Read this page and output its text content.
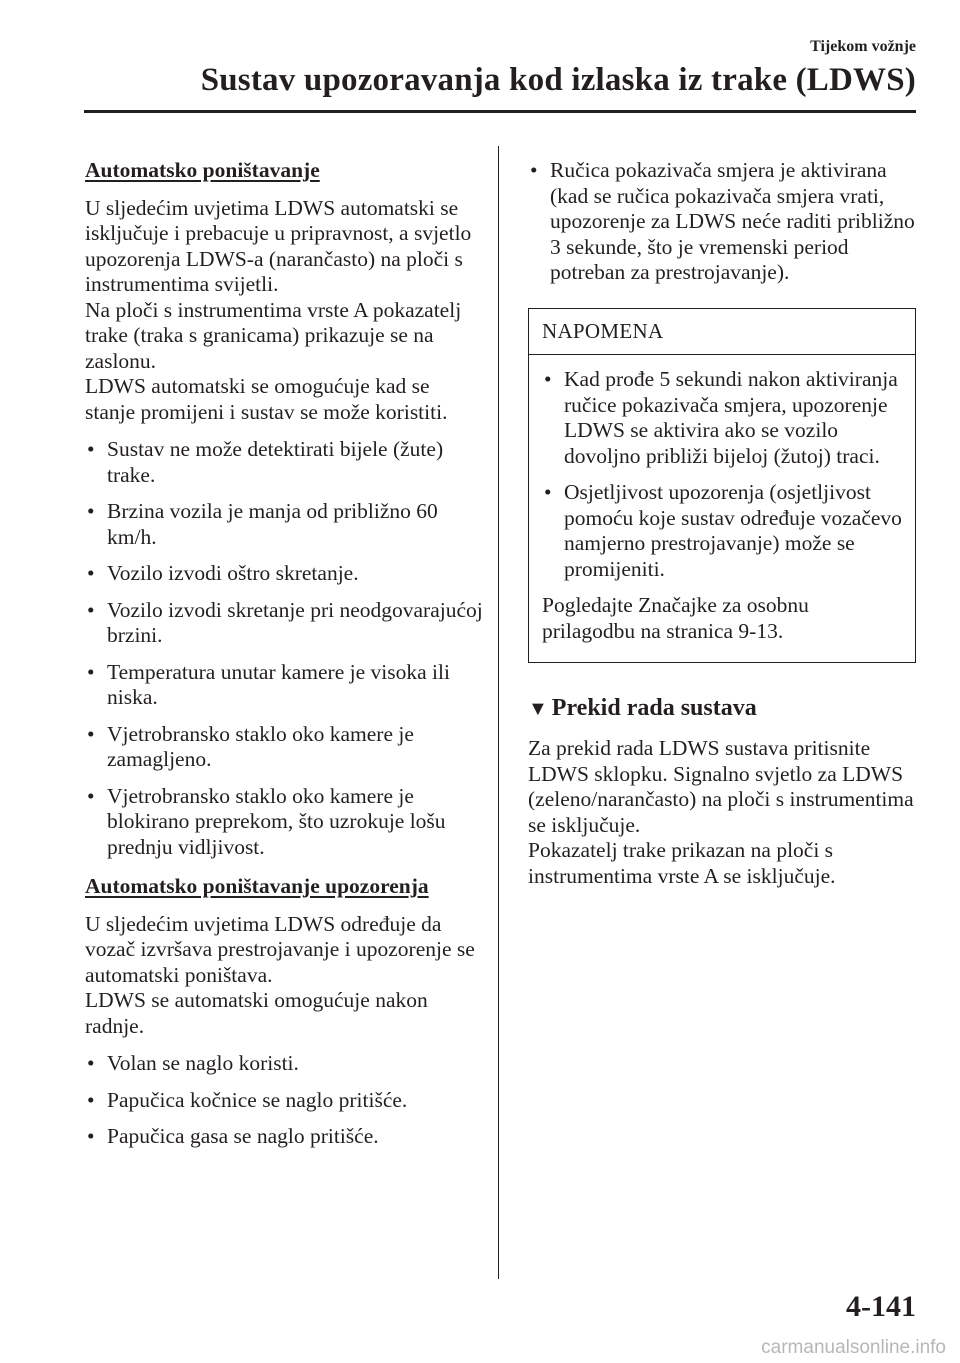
Tijekom vožnje
Sustav upozoravanja kod izlaska iz trake (LDWS)
Automatsko poništavanje
U sljedećim uvjetima LDWS automatski se isključuje i prebacuje u pripravnost, a svjetlo upozorenja LDWS-a (narančasto) na ploči s instrumentima svijetli.
Na ploči s instrumentima vrste A pokazatelj trake (traka s granicama) prikazuje se na zaslonu.
LDWS automatski se omogućuje kad se stanje promijeni i sustav se može koristiti.
• Sustav ne može detektirati bijele (žute) trake.
• Brzina vozila je manja od približno 60 km/h.
• Vozilo izvodi oštro skretanje.
• Vozilo izvodi skretanje pri neodgovarajućoj brzini.
• Temperatura unutar kamere je visoka ili niska.
• Vjetrobransko staklo oko kamere je zamagljeno.
• Vjetrobransko staklo oko kamere je blokirano preprekom, što uzrokuje lošu prednju vidljivost.
Automatsko poništavanje upozorenja
U sljedećim uvjetima LDWS određuje da vozač izvršava prestrojavanje i upozorenje se automatski poništava.
LDWS se automatski omogućuje nakon radnje.
• Volan se naglo koristi.
• Papučica kočnice se naglo pritišće.
• Papučica gasa se naglo pritišće.
• Ručica pokazivača smjera je aktivirana (kad se ručica pokazivača smjera vrati, upozorenje za LDWS neće raditi približno 3 sekunde, što je vremenski period potreban za prestrojavanje).
NAPOMENA
• Kad prođe 5 sekundi nakon aktiviranja ručice pokazivača smjera, upozorenje LDWS se aktivira ako se vozilo dovoljno približi bijeloj (žutoj) traci.
• Osjetljivost upozorenja (osjetljivost pomoću koje sustav određuje vozačevo namjerno prestrojavanje) može se promijeniti.
Pogledajte Značajke za osobnu prilagodbu na stranica 9-13.
▼ Prekid rada sustava
Za prekid rada LDWS sustava pritisnite LDWS sklopku. Signalno svjetlo za LDWS (zeleno/narančasto) na ploči s instrumentima se isključuje.
Pokazatelj trake prikazan na ploči s instrumentima vrste A se isključuje.
4-141
carmanualsonline.info
